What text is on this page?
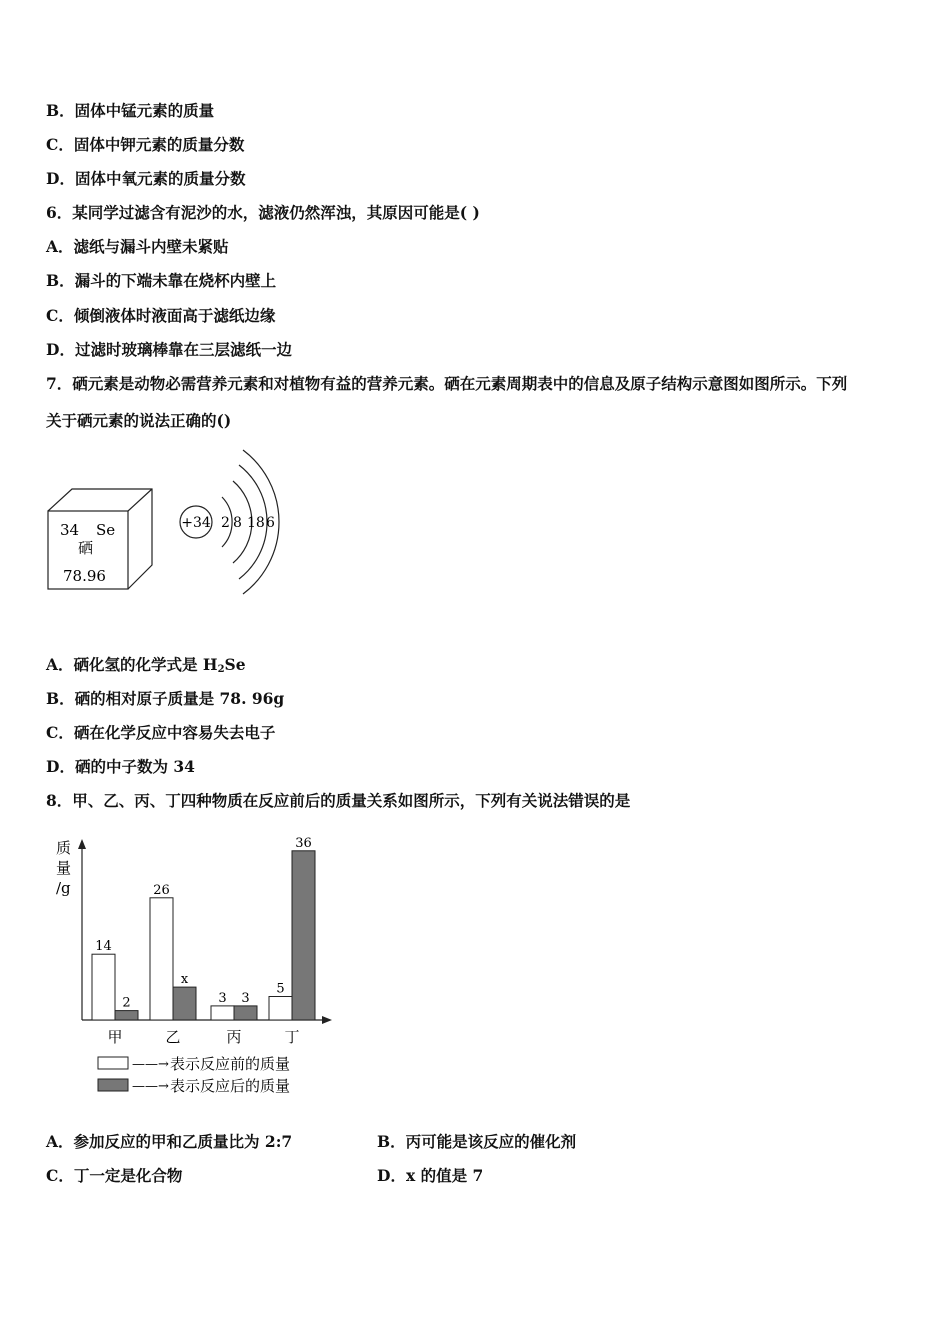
B．固体中锰元素的质量
C．固体中钾元素的质量分数
D．固体中氧元素的质量分数
6．某同学过滤含有泥沙的水，滤液仍然浑浊，其原因可能是( )
A．滤纸与漏斗内壁未紧贴
B．漏斗的下端未靠在烧杯内壁上
C．倾倒液体时液面高于滤纸边缘
D．过滤时玻璃棒靠在三层滤纸一边
7．硒元素是动物必需营养元素和对植物有益的营养元素。硒在元素周期表中的信息及原子结构示意图如图所示。下列
关于硒元素的说法正确的()
34 Se
硒
78.96
+34 2 8 18 6
A．硒化氢的化学式是 $H_2Se$
B．硒的相对原子质量是 78. 96g
C．硒在化学反应中容易失去电子
D．硒的中子数为 34
8．甲、乙、丙、丁四种物质在反应前后的质量关系如图所示，下列有关说法错误的是
质
量
/g
14
2
甲
26
x
乙
3 3
丙
5
36
丁
——→ 表示反应前的质量
——→ 表示反应后的质量
A．参加反应的甲和乙质量比为 2:7	B．丙可能是该反应的催化剂
C．丁一定是化合物	D．x 的值是 7
